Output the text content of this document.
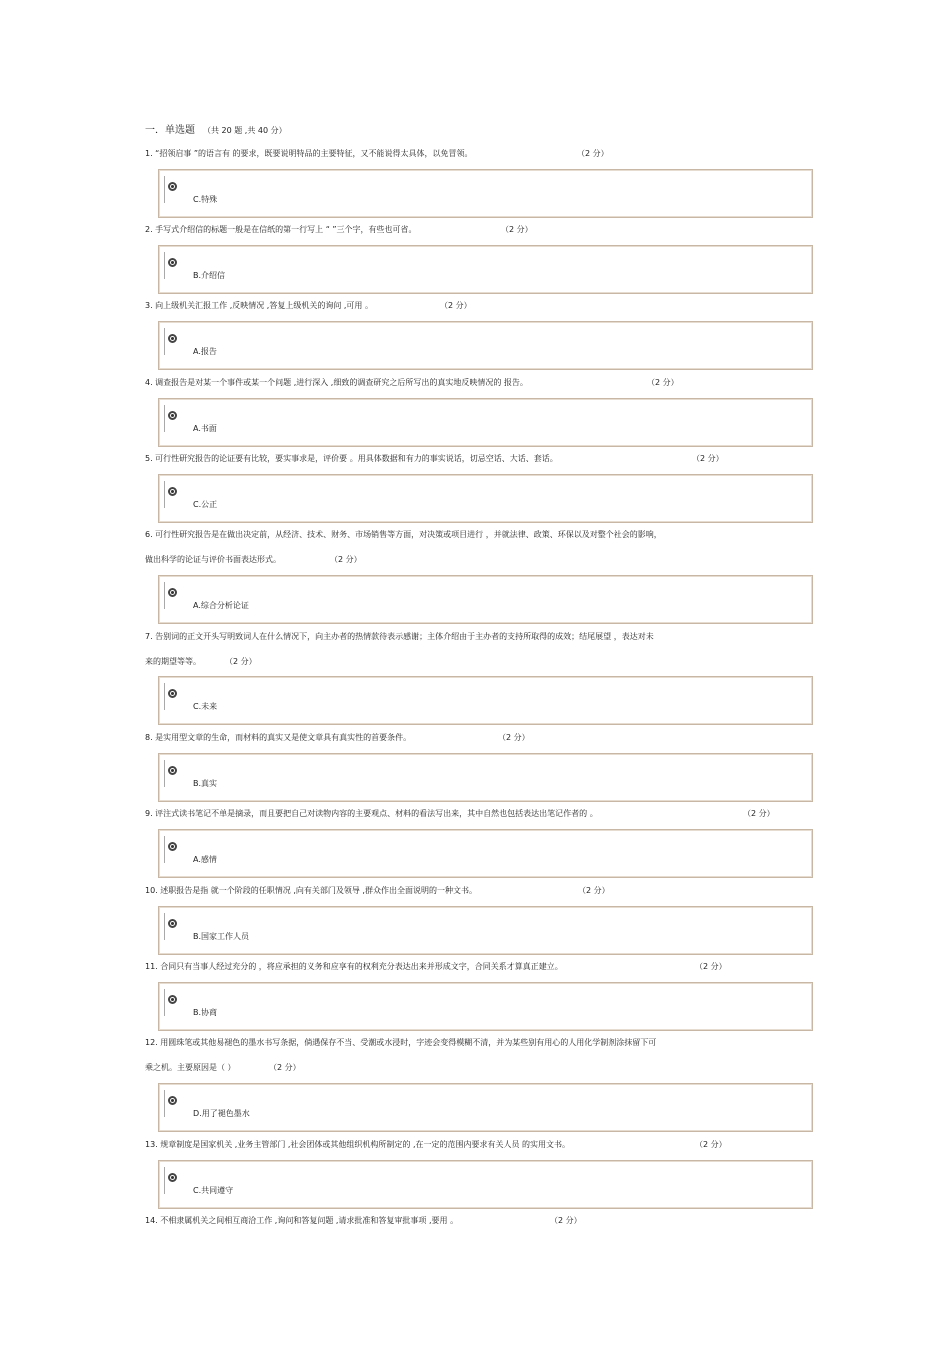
一．单选题 （共 20 题 ,共 40 分）
1. “招领启事 ”的语言有 的要求，既要说明特品的主要特征，又不能说得太具体，以免冒领。	（2 分）
C.特殊
2. 手写式介绍信的标题一般是在信纸的第一行写上 “ ”三个字，有些也可省。	（2 分）
B.介绍信
3. 向上级机关汇报工作 ,反映情况 ,答复上级机关的询问 ,可用 。	（2 分）
A.报告
4. 调查报告是对某一个事件或某一个问题 ,进行深入 ,细致的调查研究之后所写出的真实地反映情况的 报告。	（2 分）
A.书面
5. 可行性研究报告的论证要有比较，要实事求是，评价要 。用具体数据和有力的事实说话，切忌空话、大话、套话。	（2 分）
C.公正
6. 可行性研究报告是在做出决定前，从经济、技术、财务、市场销售等方面，对决策或项目进行 ，并就法律、政策、环保以及对整个社会的影响，
做出科学的论证与评价书面表达形式。	（2 分）
A.综合分析论证
7. 告别词的正文开头写明致词人在什么情况下，向主办者的热情款待表示感谢；主体介绍由于主办者的支持所取得的成效；结尾展望 ，表达对未
来的期望等等。	（2 分）
C.未来
8. 是实用型文章的生命，而材料的真实又是使文章具有真实性的首要条件。	（2 分）
B.真实
9. 评注式读书笔记不单是摘录，而且要把自己对读物内容的主要观点、材料的看法写出来，其中自然也包括表达出笔记作者的 。	（2 分）
A.感情
10. 述职报告是指 就一个阶段的任职情况 ,向有关部门及领导 ,群众作出全面说明的一种文书。	（2 分）
B.国家工作人员
11. 合同只有当事人经过充分的 ，将应承担的义务和应享有的权利充分表达出来并形成文字，合同关系才算真正建立。	（2 分）
B.协商
12. 用圆珠笔或其他易褪色的墨水书写条据，倘遇保存不当、受潮或水浸时，字迹会变得模糊不清，并为某些别有用心的人用化学制剂涂抹留下可
乘之机。主要原因是（ ）	（2 分）
D.用了褪色墨水
13. 规章制度是国家机关 ,业务主管部门 ,社会团体或其他组织机构所制定的 ,在一定的范围内要求有关人员 的实用文书。	（2 分）
C.共同遵守
14. 不相隶属机关之间相互商洽工作 ,询问和答复问题 ,请求批准和答复审批事项 ,要用 。	（2 分）
